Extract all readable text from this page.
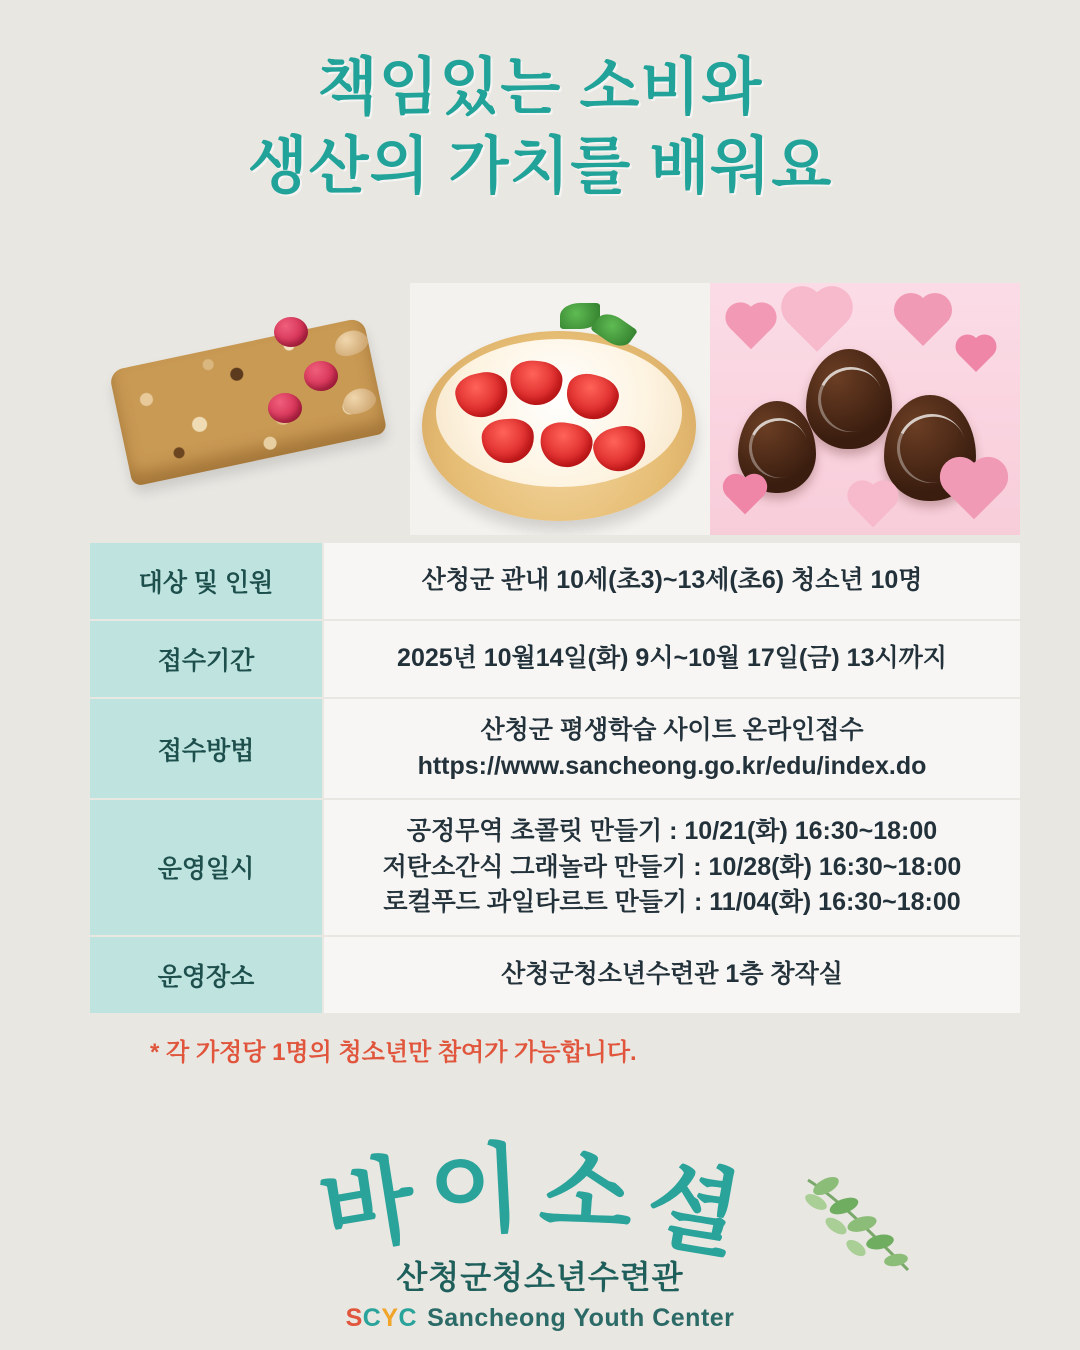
책임있는 소비와
생산의 가치를 배워요
대상 및 인원	산청군 관내 10세(초3)~13세(초6) 청소년 10명

접수기간	2025년 10월14일(화) 9시~10월 17일(금) 13시까지

접수방법	산청군 평생학습 사이트 온라인접수
https://www.sancheong.go.kr/edu/index.do

운영일시	공정무역 초콜릿 만들기 : 10/21(화) 16:30~18:00
저탄소간식 그래놀라 만들기 : 10/28(화) 16:30~18:00
로컬푸드 과일타르트 만들기 : 11/04(화) 16:30~18:00

운영장소	산청군청소년수련관 1층 창작실
* 각 가정당 1명의 청소년만 참여가 가능합니다.
바이소셜
산청군청소년수련관
SCYC Sancheong Youth Center
